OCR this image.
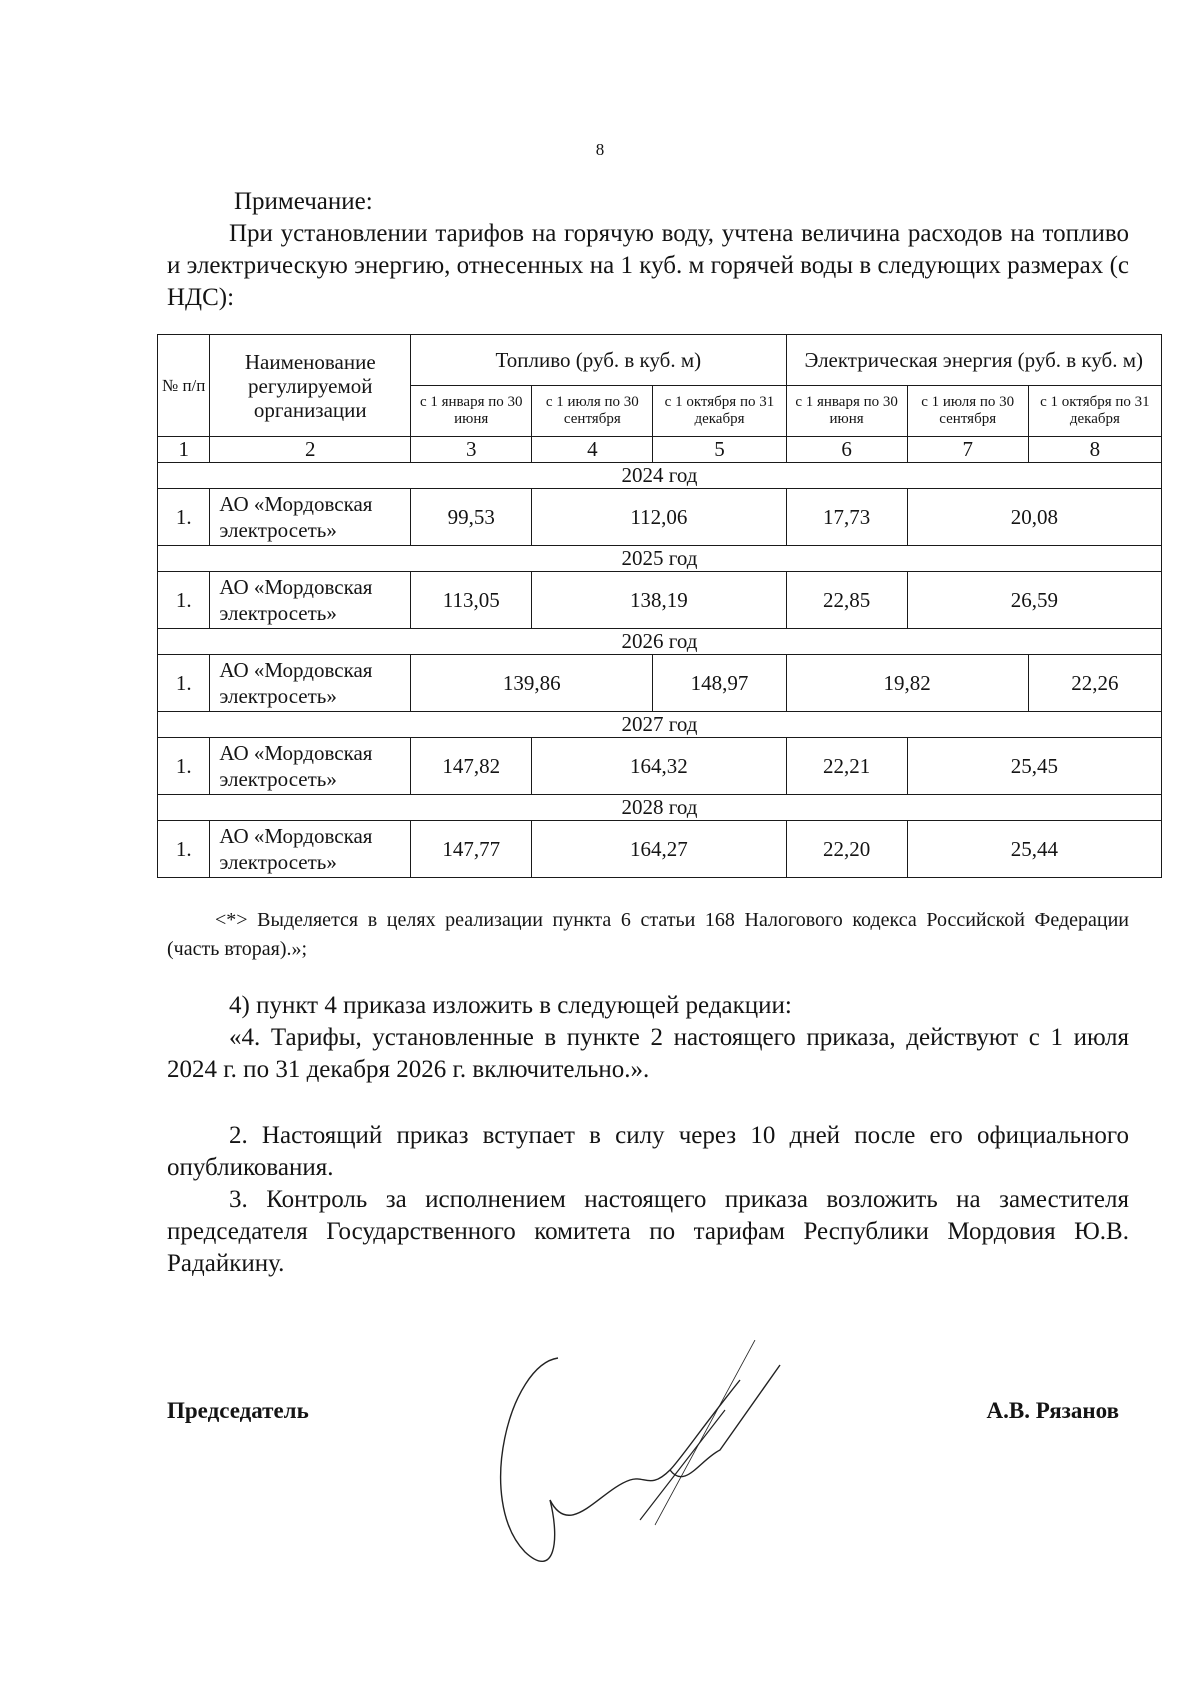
8
Примечание:
При установлении тарифов на горячую воду, учтена величина расходов на топливо и электрическую энергию, отнесенных на 1 куб. м горячей воды в следующих размерах (с НДС):
№ п/п	Наименование регулируемой организации	Топливо (руб. в куб. м)			Электрическая энергия (руб. в куб. м)		
		с 1 января по 30 июня	с 1 июля по 30 сентября	с 1 октября по 31 декабря	с 1 января по 30 июня	с 1 июля по 30 сентября	с 1 октября по 31 декабря
1	2	3	4	5	6	7	8
2024 год							
1.	АО «Мордовская электросеть»	99,53	112,06		17,73	20,08	
2025 год							
1.	АО «Мордовская электросеть»	113,05	138,19		22,85	26,59	
2026 год							
1.	АО «Мордовская электросеть»	139,86		148,97	19,82		22,26
2027 год							
1.	АО «Мордовская электросеть»	147,82	164,32		22,21	25,45	
2028 год							
1.	АО «Мордовская электросеть»	147,77	164,27		22,20	25,44	
<*> Выделяется в целях реализации пункта 6 статьи 168 Налогового кодекса Российской Федерации (часть вторая).»;
4) пункт 4 приказа изложить в следующей редакции:
«4. Тарифы, установленные в пункте 2 настоящего приказа, действуют с 1 июля 2024 г. по 31 декабря 2026 г. включительно.».
2. Настоящий приказ вступает в силу через 10 дней после его официального опубликования.
3. Контроль за исполнением настоящего приказа возложить на заместителя председателя Государственного комитета по тарифам Республики Мордовия Ю.В. Радайкину.
Председатель	А.В. Рязанов
